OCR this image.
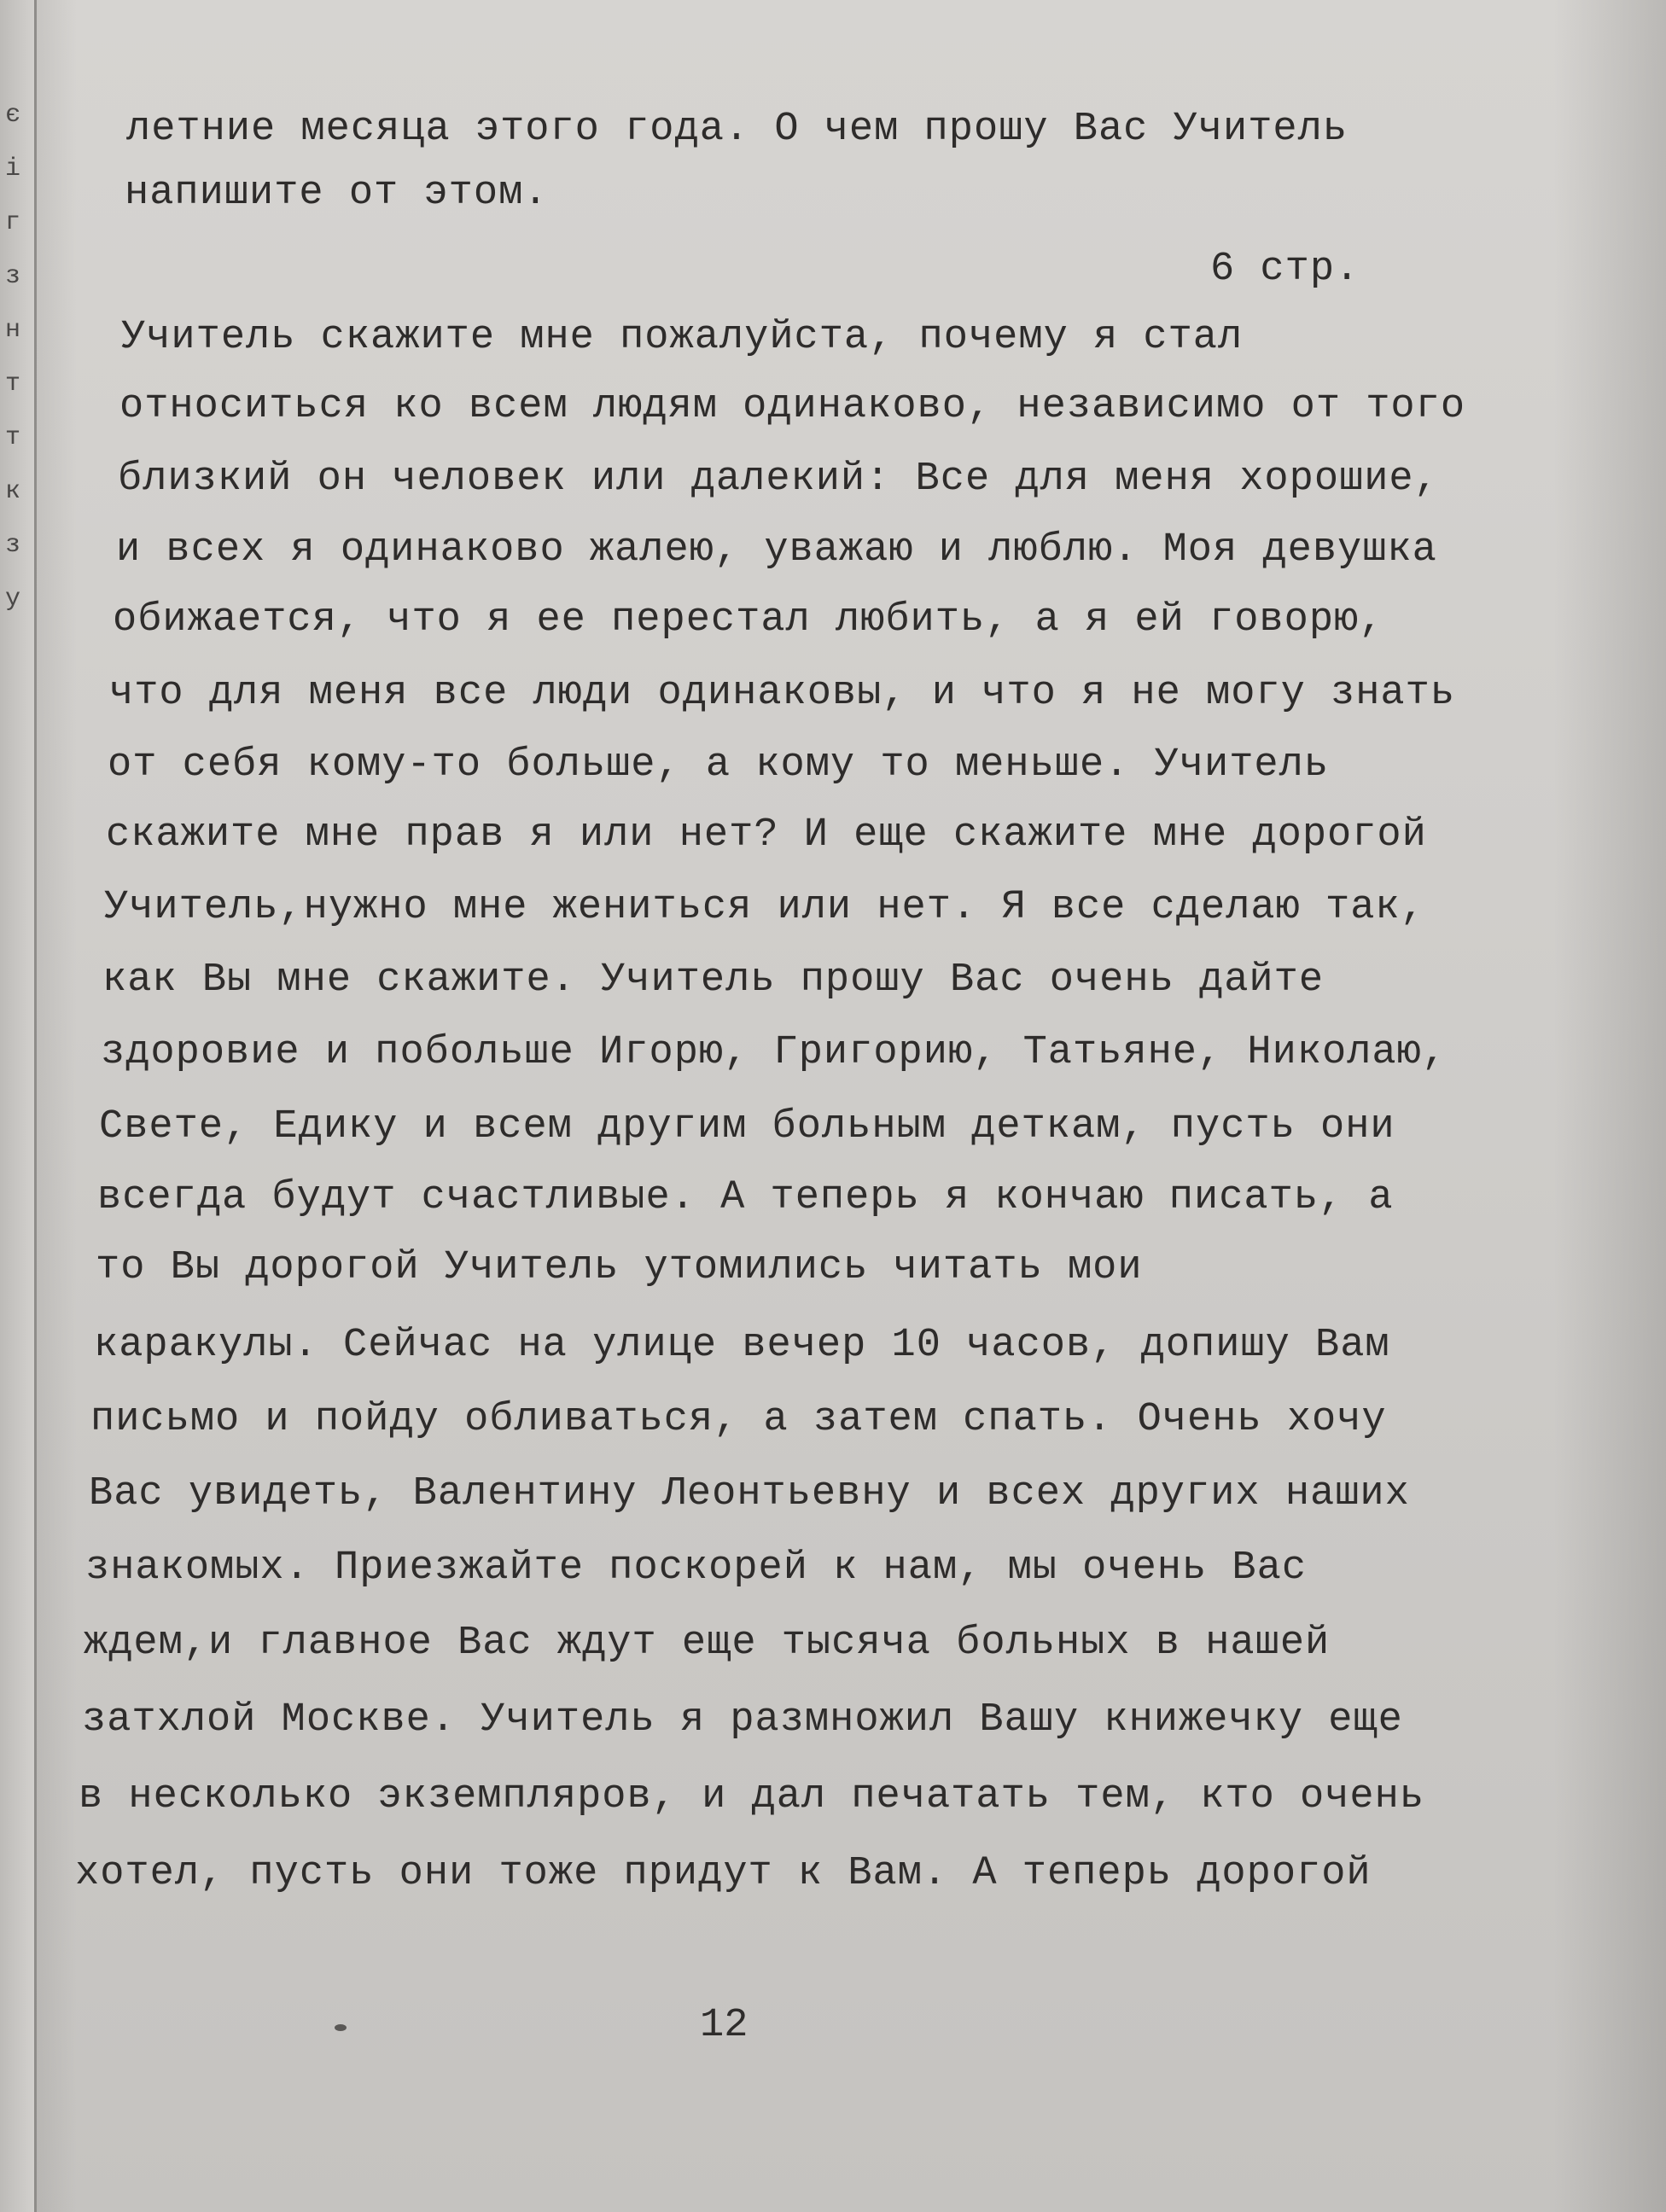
є
і
г
з
н
т
т
к
з
у

летние месяца этого года. О чем прошу Вас Учитель

напишите от этом.

6 стр.

Учитель скажите мне пожалуйста, почему я стал

относиться ко всем людям одинаково, независимо от того

близкий он человек или далекий: Все для меня хорошие,

и всех я одинаково жалею, уважаю и люблю. Моя девушка

обижается, что я ее перестал любить, а я ей говорю,

что для меня все люди одинаковы, и что я не могу знать

от себя кому-то больше, а кому то меньше. Учитель

скажите мне прав я или нет? И еще скажите мне дорогой

Учитель,нужно мне жениться или нет. Я все сделаю так,

как Вы мне скажите. Учитель прошу Вас очень дайте

здоровие и побольше Игорю, Григорию, Татьяне, Николаю,

Свете, Едику и всем другим больным деткам, пусть они

всегда будут счастливые. А теперь я кончаю писать, а

то Вы дорогой Учитель утомились читать мои

каракулы. Сейчас на улице вечер 10 часов, допишу Вам

письмо и пойду обливаться, а затем спать. Очень хочу

Вас увидеть, Валентину Леонтьевну и всех других наших

знакомых. Приезжайте поскорей к нам, мы очень Вас

ждем,и главное Вас ждут еще тысяча больных в нашей

затхлой Москве. Учитель я размножил Вашу книжечку еще

в несколько экземпляров, и дал печатать тем, кто очень

хотел, пусть они тоже придут к Вам. А теперь дорогой

12
